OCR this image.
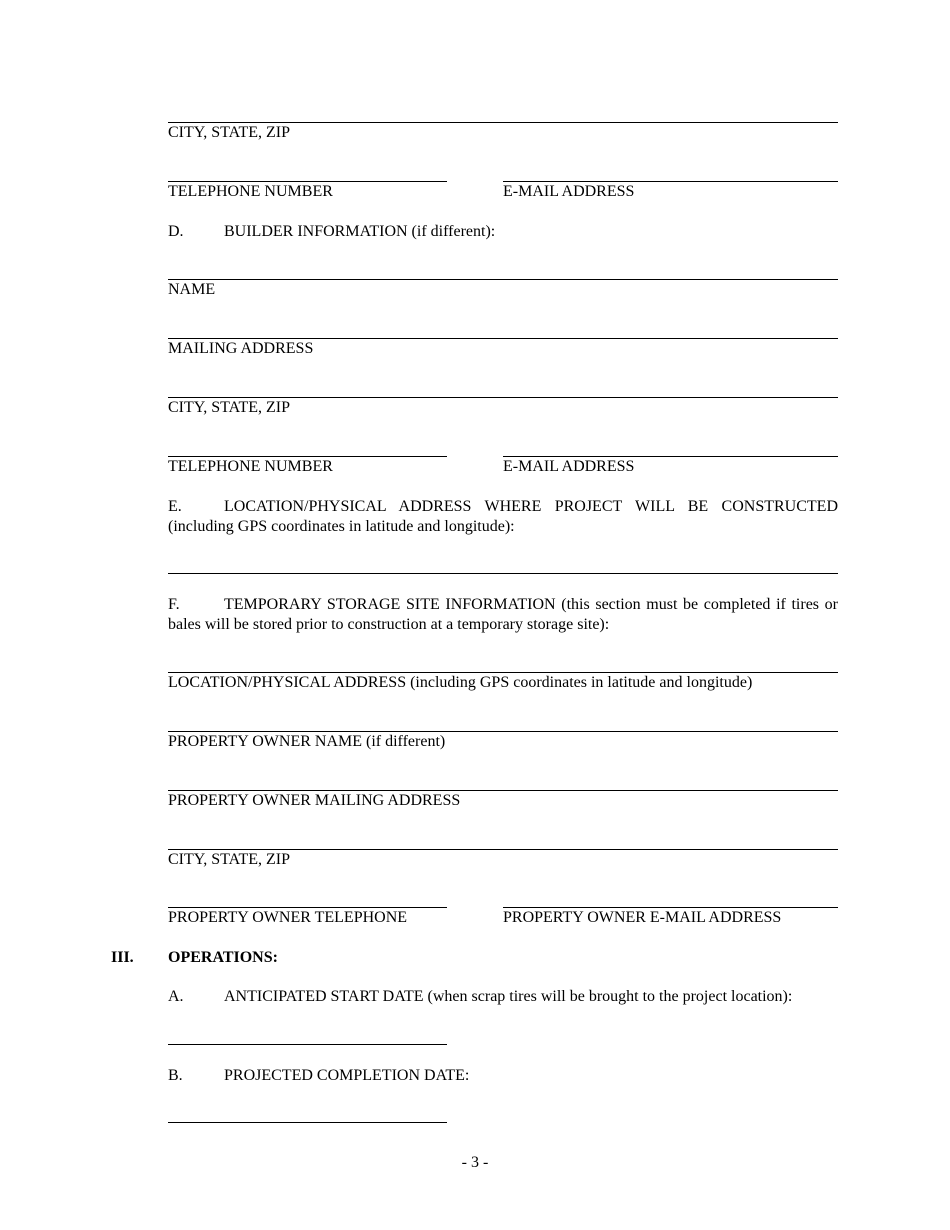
CITY, STATE, ZIP
TELEPHONE NUMBER	E-MAIL ADDRESS
D.	BUILDER INFORMATION (if different):
NAME
MAILING ADDRESS
CITY, STATE, ZIP
TELEPHONE NUMBER	E-MAIL ADDRESS
E.	LOCATION/PHYSICAL ADDRESS WHERE PROJECT WILL BE CONSTRUCTED (including GPS coordinates in latitude and longitude):
F.	TEMPORARY STORAGE SITE INFORMATION (this section must be completed if tires or bales will be stored prior to construction at a temporary storage site):
LOCATION/PHYSICAL ADDRESS (including GPS coordinates in latitude and longitude)
PROPERTY OWNER NAME (if different)
PROPERTY OWNER MAILING ADDRESS
CITY, STATE, ZIP
PROPERTY OWNER TELEPHONE	PROPERTY OWNER E-MAIL ADDRESS
III. OPERATIONS:
A.	ANTICIPATED START DATE (when scrap tires will be brought to the project location):
B.	PROJECTED COMPLETION DATE:
- 3 -
